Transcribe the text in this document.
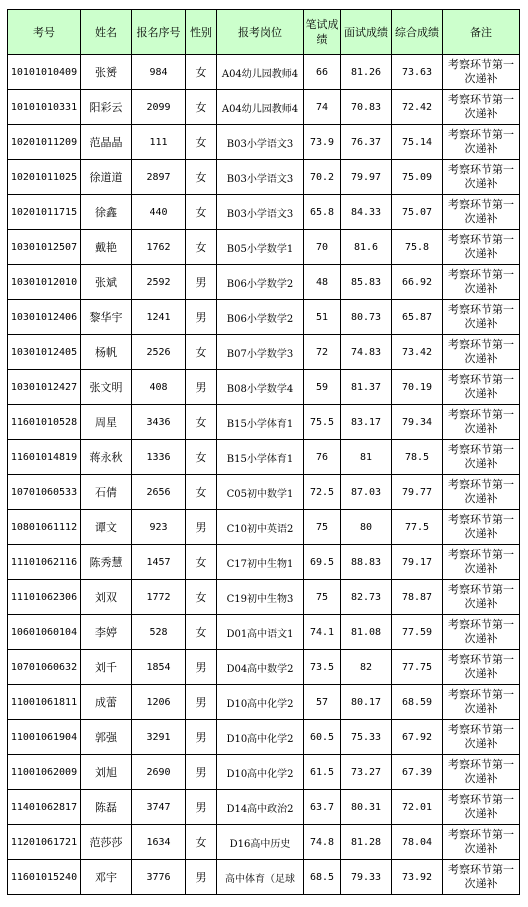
考号	姓名	报名序号	性别	报考岗位	笔试成绩	面试成绩	综合成绩	备注
10101010409	张赟	984	女	A04幼儿园教师4	66	81.26	73.63	考察环节第一次递补
10101010331	阳彩云	2099	女	A04幼儿园教师4	74	70.83	72.42	考察环节第一次递补
10201011209	范晶晶	111	女	B03小学语文3	73.9	76.37	75.14	考察环节第一次递补
10201011025	徐道道	2897	女	B03小学语文3	70.2	79.97	75.09	考察环节第一次递补
10201011715	徐鑫	440	女	B03小学语文3	65.8	84.33	75.07	考察环节第一次递补
10301012507	戴艳	1762	女	B05小学数学1	70	81.6	75.8	考察环节第一次递补
10301012010	张斌	2592	男	B06小学数学2	48	85.83	66.92	考察环节第一次递补
10301012406	黎华宇	1241	男	B06小学数学2	51	80.73	65.87	考察环节第一次递补
10301012405	杨帆	2526	女	B07小学数学3	72	74.83	73.42	考察环节第一次递补
10301012427	张文明	408	男	B08小学数学4	59	81.37	70.19	考察环节第一次递补
11601010528	周星	3436	女	B15小学体育1	75.5	83.17	79.34	考察环节第一次递补
11601014819	蒋永秋	1336	女	B15小学体育1	76	81	78.5	考察环节第一次递补
10701060533	石倩	2656	女	C05初中数学1	72.5	87.03	79.77	考察环节第一次递补
10801061112	谭文	923	男	C10初中英语2	75	80	77.5	考察环节第一次递补
11101062116	陈秀慧	1457	女	C17初中生物1	69.5	88.83	79.17	考察环节第一次递补
11101062306	刘双	1772	女	C19初中生物3	75	82.73	78.87	考察环节第一次递补
10601060104	李婷	528	女	D01高中语文1	74.1	81.08	77.59	考察环节第一次递补
10701060632	刘千	1854	男	D04高中数学2	73.5	82	77.75	考察环节第一次递补
11001061811	成蕾	1206	男	D10高中化学2	57	80.17	68.59	考察环节第一次递补
11001061904	郭强	3291	男	D10高中化学2	60.5	75.33	67.92	考察环节第一次递补
11001062009	刘旭	2690	男	D10高中化学2	61.5	73.27	67.39	考察环节第一次递补
11401062817	陈磊	3747	男	D14高中政治2	63.7	80.31	72.01	考察环节第一次递补
11201061721	范莎莎	1634	女	D16高中历史	74.8	81.28	78.04	考察环节第一次递补
11601015240	邓宇	3776	男	高中体育（足球	68.5	79.33	73.92	考察环节第一次递补
